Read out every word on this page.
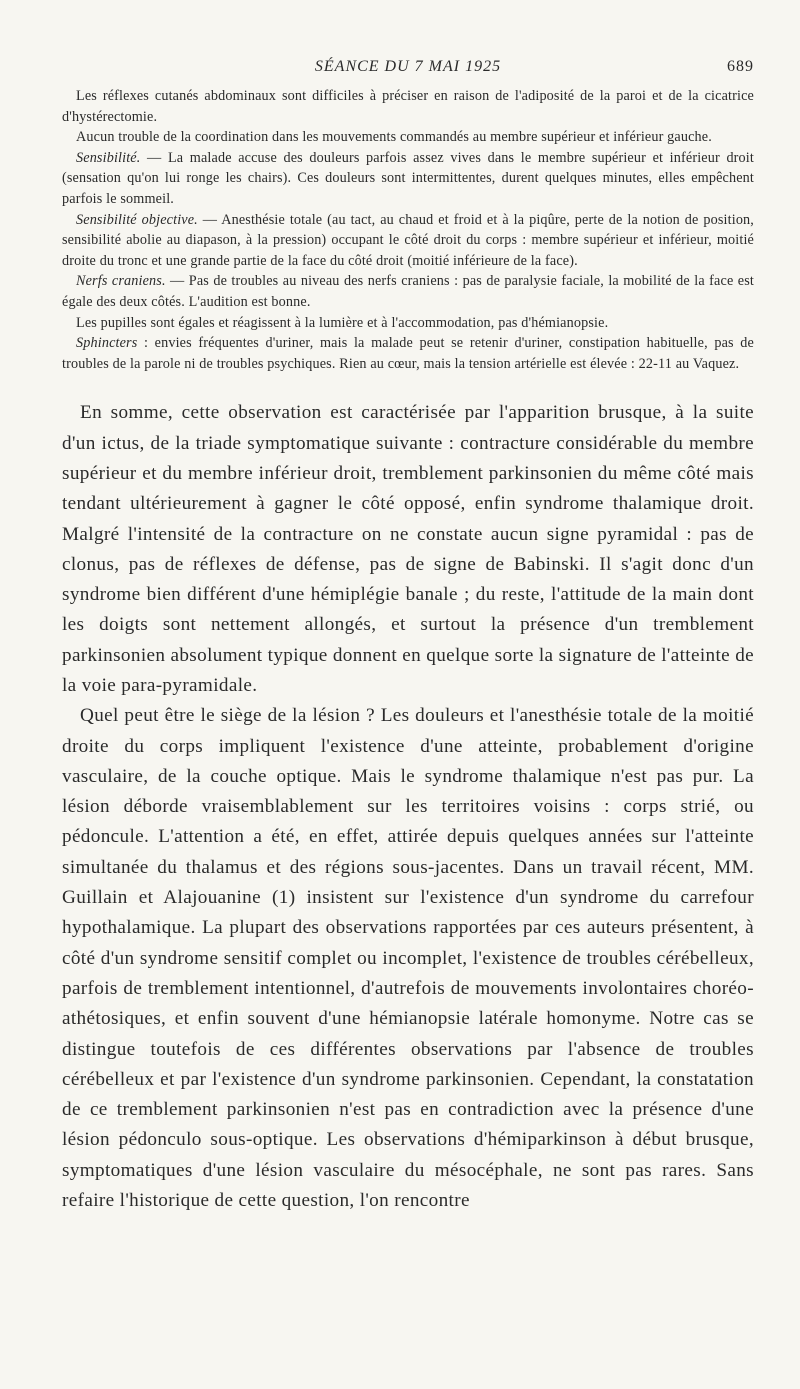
SÉANCE DU 7 MAI 1925	689

Les réflexes cutanés abdominaux sont difficiles à préciser en raison de l'adiposité de la paroi et de la cicatrice d'hystérectomie.

Aucun trouble de la coordination dans les mouvements commandés au membre supérieur et inférieur gauche.

Sensibilité. — La malade accuse des douleurs parfois assez vives dans le membre supérieur et inférieur droit (sensation qu'on lui ronge les chairs). Ces douleurs sont intermittentes, durent quelques minutes, elles empêchent parfois le sommeil.

Sensibilité objective. — Anesthésie totale (au tact, au chaud et froid et à la piqûre, perte de la notion de position, sensibilité abolie au diapason, à la pression) occupant le côté droit du corps : membre supérieur et inférieur, moitié droite du tronc et une grande partie de la face du côté droit (moitié inférieure de la face).

Nerfs craniens. — Pas de troubles au niveau des nerfs craniens : pas de paralysie faciale, la mobilité de la face est égale des deux côtés. L'audition est bonne.

Les pupilles sont égales et réagissent à la lumière et à l'accommodation, pas d'hémianopsie.

Sphincters : envies fréquentes d'uriner, mais la malade peut se retenir d'uriner, constipation habituelle, pas de troubles de la parole ni de troubles psychiques. Rien au cœur, mais la tension artérielle est élevée : 22-11 au Vaquez.

En somme, cette observation est caractérisée par l'apparition brusque, à la suite d'un ictus, de la triade symptomatique suivante : contracture considérable du membre supérieur et du membre inférieur droit, tremblement parkinsonien du même côté mais tendant ultérieurement à gagner le côté opposé, enfin syndrome thalamique droit. Malgré l'intensité de la contracture on ne constate aucun signe pyramidal : pas de clonus, pas de réflexes de défense, pas de signe de Babinski. Il s'agit donc d'un syndrome bien différent d'une hémiplégie banale ; du reste, l'attitude de la main dont les doigts sont nettement allongés, et surtout la présence d'un tremblement parkinsonien absolument typique donnent en quelque sorte la signature de l'atteinte de la voie para-pyramidale.

Quel peut être le siège de la lésion ? Les douleurs et l'anesthésie totale de la moitié droite du corps impliquent l'existence d'une atteinte, probablement d'origine vasculaire, de la couche optique. Mais le syndrome thalamique n'est pas pur. La lésion déborde vraisemblablement sur les territoires voisins : corps strié, ou pédoncule. L'attention a été, en effet, attirée depuis quelques années sur l'atteinte simultanée du thalamus et des régions sous-jacentes. Dans un travail récent, MM. Guillain et Alajouanine (1) insistent sur l'existence d'un syndrome du carrefour hypothalamique. La plupart des observations rapportées par ces auteurs présentent, à côté d'un syndrome sensitif complet ou incomplet, l'existence de troubles cérébelleux, parfois de tremblement intentionnel, d'autrefois de mouvements involontaires choréo-athétosiques, et enfin souvent d'une hémianopsie latérale homonyme. Notre cas se distingue toutefois de ces différentes observations par l'absence de troubles cérébelleux et par l'existence d'un syndrome parkinsonien. Cependant, la constatation de ce tremblement parkinsonien n'est pas en contradiction avec la présence d'une lésion pédonculo sous-optique. Les observations d'hémiparkinson à début brusque, symptomatiques d'une lésion vasculaire du mésocéphale, ne sont pas rares. Sans refaire l'historique de cette question, l'on rencontre
